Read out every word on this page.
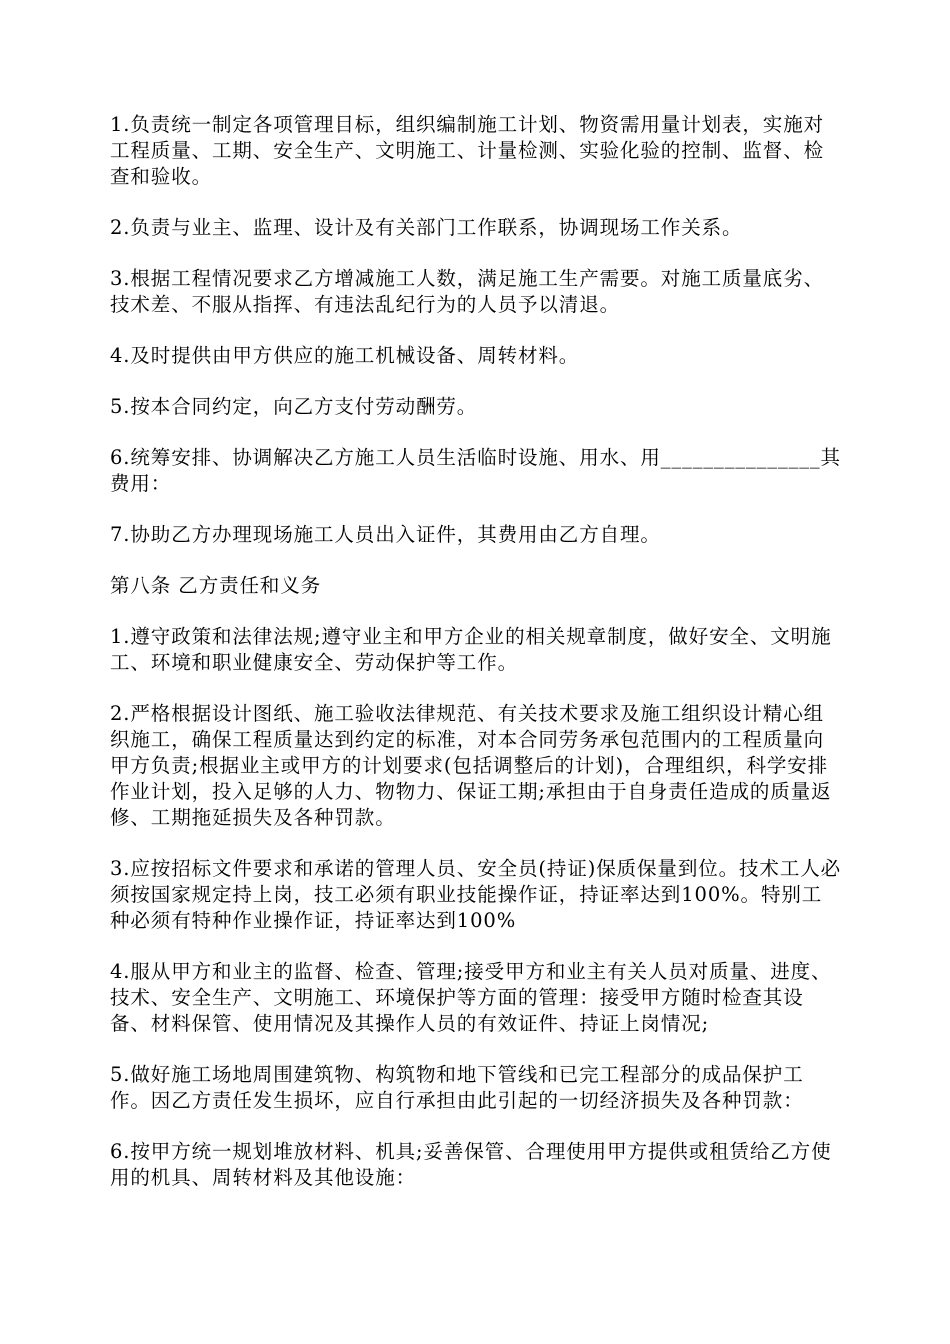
1.负责统一制定各项管理目标，组织编制施工计划、物资需用量计划表，实施对工程质量、工期、安全生产、文明施工、计量检测、实验化验的控制、监督、检查和验收。

2.负责与业主、监理、设计及有关部门工作联系，协调现场工作关系。

3.根据工程情况要求乙方增减施工人数，满足施工生产需要。对施工质量底劣、技术差、不服从指挥、有违法乱纪行为的人员予以清退。

4.及时提供由甲方供应的施工机械设备、周转材料。

5.按本合同约定，向乙方支付劳动酬劳。

6.统筹安排、协调解决乙方施工人员生活临时设施、用水、用_______________其费用：

7.协助乙方办理现场施工人员出入证件，其费用由乙方自理。

第八条 乙方责任和义务

1.遵守政策和法律法规;遵守业主和甲方企业的相关规章制度，做好安全、文明施工、环境和职业健康安全、劳动保护等工作。

2.严格根据设计图纸、施工验收法律规范、有关技术要求及施工组织设计精心组织施工，确保工程质量达到约定的标准，对本合同劳务承包范围内的工程质量向甲方负责;根据业主或甲方的计划要求(包括调整后的计划)，合理组织，科学安排作业计划，投入足够的人力、物物力、保证工期;承担由于自身责任造成的质量返修、工期拖延损失及各种罚款。

3.应按招标文件要求和承诺的管理人员、安全员(持证)保质保量到位。技术工人必须按国家规定持上岗，技工必须有职业技能操作证，持证率达到100%。特别工种必须有特种作业操作证，持证率达到100%

4.服从甲方和业主的监督、检查、管理;接受甲方和业主有关人员对质量、进度、技术、安全生产、文明施工、环境保护等方面的管理：接受甲方随时检查其设备、材料保管、使用情况及其操作人员的有效证件、持证上岗情况;

5.做好施工场地周围建筑物、构筑物和地下管线和已完工程部分的成品保护工作。因乙方责任发生损坏，应自行承担由此引起的一切经济损失及各种罚款：

6.按甲方统一规划堆放材料、机具;妥善保管、合理使用甲方提供或租赁给乙方使用的机具、周转材料及其他设施：
